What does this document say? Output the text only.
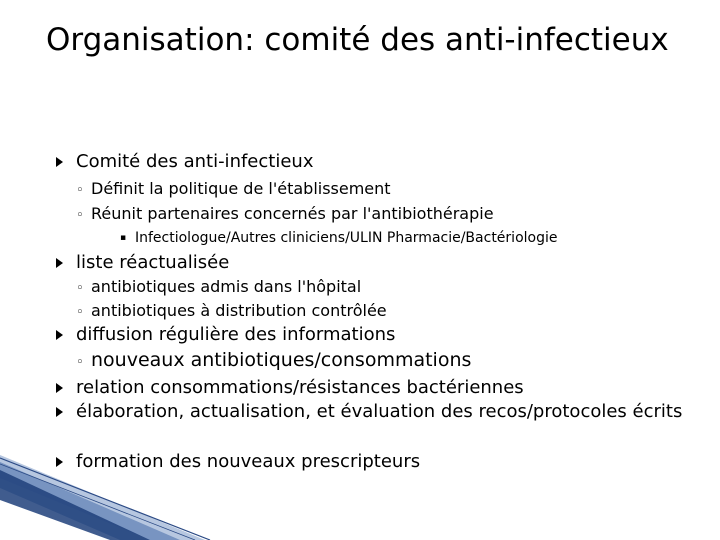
Organisation: comité des anti-infectieux
Comité des anti-infectieux
◦ Définit la politique de l'établissement
◦ Réunit partenaires concernés par l'antibiothérapie
▪ Infectiologue/Autres cliniciens/ULIN Pharmacie/Bactériologie
liste réactualisée
◦ antibiotiques admis dans l'hôpital
◦ antibiotiques à distribution contrôlée
diffusion régulière des informations
◦ nouveaux antibiotiques/consommations
relation consommations/résistances bactériennes
élaboration, actualisation, et évaluation des recos/protocoles écrits
formation des nouveaux prescripteurs
